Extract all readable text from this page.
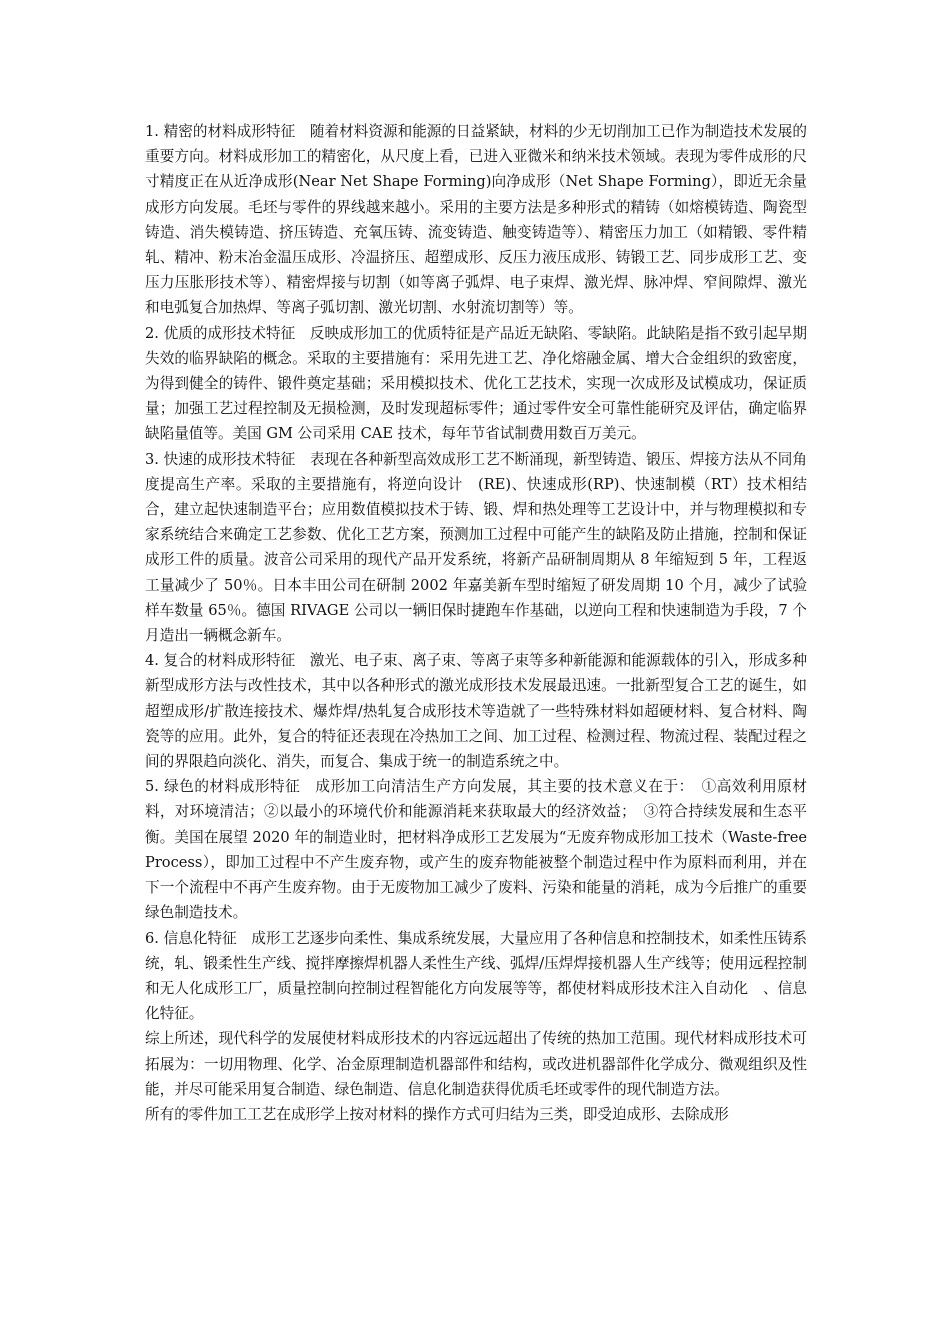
1. 精密的材料成形特征　随着材料资源和能源的日益紧缺，材料的少无切削加工已作为制造技术发展的重要方向。材料成形加工的精密化，从尺度上看，已进入亚微米和纳米技术领域。表现为零件成形的尺寸精度正在从近净成形(Near Net Shape Forming)向净成形（Net Shape Forming），即近无余量成形方向发展。毛坯与零件的界线越来越小。采用的主要方法是多种形式的精铸（如熔模铸造、陶瓷型铸造、消失模铸造、挤压铸造、充氧压铸、流变铸造、触变铸造等）、精密压力加工（如精锻、零件精轧、精冲、粉末冶金温压成形、冷温挤压、超塑成形、反压力液压成形、铸锻工艺、同步成形工艺、变压力压胀形技术等）、精密焊接与切割（如等离子弧焊、电子束焊、激光焊、脉冲焊、窄间隙焊、激光和电弧复合加热焊、等离子弧切割、激光切割、水射流切割等）等。

2. 优质的成形技术特征　反映成形加工的优质特征是产品近无缺陷、零缺陷。此缺陷是指不致引起早期失效的临界缺陷的概念。采取的主要措施有：采用先进工艺、净化熔融金属、增大合金组织的致密度，为得到健全的铸件、锻件奠定基础；采用模拟技术、优化工艺技术，实现一次成形及试模成功，保证质量；加强工艺过程控制及无损检测，及时发现超标零件；通过零件安全可靠性能研究及评估，确定临界缺陷量值等。美国 GM 公司采用 CAE 技术，每年节省试制费用数百万美元。

3. 快速的成形技术特征　表现在各种新型高效成形工艺不断涌现，新型铸造、锻压、焊接方法从不同角度提高生产率。采取的主要措施有，将逆向设计　(RE)、快速成形(RP)、快速制模（RT）技术相结合，建立起快速制造平台；应用数值模拟技术于铸、锻、焊和热处理等工艺设计中，并与物理模拟和专家系统结合来确定工艺参数、优化工艺方案，预测加工过程中可能产生的缺陷及防止措施，控制和保证成形工件的质量。波音公司采用的现代产品开发系统，将新产品研制周期从 8 年缩短到 5 年，工程返工量减少了 50％。日本丰田公司在研制 2002 年嘉美新车型时缩短了研发周期 10 个月，减少了试验样车数量 65％。德国 RIVAGE 公司以一辆旧保时捷跑车作基础，以逆向工程和快速制造为手段，7 个月造出一辆概念新车。

4. 复合的材料成形特征　激光、电子束、离子束、等离子束等多种新能源和能源载体的引入，形成多种新型成形方法与改性技术，其中以各种形式的激光成形技术发展最迅速。一批新型复合工艺的诞生，如超塑成形/扩散连接技术、爆炸焊/热轧复合成形技术等造就了一些特殊材料如超硬材料、复合材料、陶瓷等的应用。此外，复合的特征还表现在冷热加工之间、加工过程、检测过程、物流过程、装配过程之间的界限趋向淡化、消失，而复合、集成于统一的制造系统之中。

5. 绿色的材料成形特征　成形加工向清洁生产方向发展，其主要的技术意义在于：　①高效利用原材料，对环境清洁；②以最小的环境代价和能源消耗来获取最大的经济效益；　③符合持续发展和生态平衡。美国在展望 2020 年的制造业时，把材料净成形工艺发展为“无废弃物成形加工技术（Waste-free Process），即加工过程中不产生废弃物，或产生的废弃物能被整个制造过程中作为原料而利用，并在下一个流程中不再产生废弃物。由于无废物加工减少了废料、污染和能量的消耗，成为今后推广的重要绿色制造技术。

6. 信息化特征　成形工艺逐步向柔性、集成系统发展，大量应用了各种信息和控制技术，如柔性压铸系统，轧、锻柔性生产线、搅拌摩擦焊机器人柔性生产线、弧焊/压焊焊接机器人生产线等；使用远程控制和无人化成形工厂，质量控制向控制过程智能化方向发展等等，都使材料成形技术注入自动化　、信息化特征。

综上所述，现代科学的发展使材料成形技术的内容远远超出了传统的热加工范围。现代材料成形技术可拓展为：一切用物理、化学、冶金原理制造机器部件和结构，或改进机器部件化学成分、微观组织及性能，并尽可能采用复合制造、绿色制造、信息化制造获得优质毛坯或零件的现代制造方法。

所有的零件加工工艺在成形学上按对材料的操作方式可归结为三类，即受迫成形、去除成形
